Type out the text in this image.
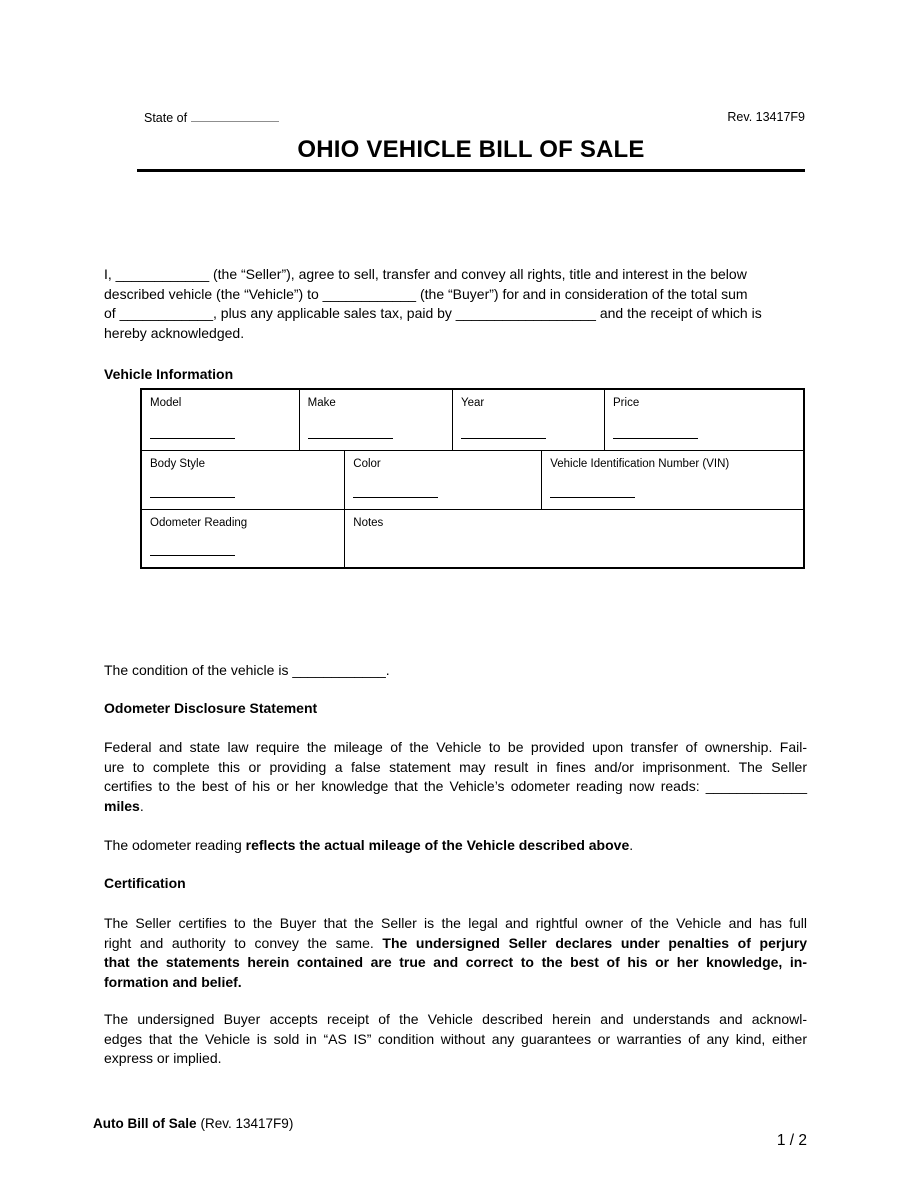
State of	Rev. 13417F9
OHIO VEHICLE BILL OF SALE
I, ____________ (the “Seller”), agree to sell, transfer and convey all rights, title and interest in the below
described vehicle (the “Vehicle”) to ____________ (the “Buyer”) for and in consideration of the total sum
of ____________, plus any applicable sales tax, paid by __________________ and the receipt of which is
hereby acknowledged.
Vehicle Information
Model	Make	Year	Price
Body Style	Color	Vehicle Identification Number (VIN)
Odometer Reading	Notes
The condition of the vehicle is ____________.
Odometer Disclosure Statement
Federal and state law require the mileage of the Vehicle to be provided upon transfer of ownership. Fail-
ure to complete this or providing a false statement may result in fines and/or imprisonment. The Seller
certifies to the best of his or her knowledge that the Vehicle’s odometer reading now reads: _____________
miles.
The odometer reading reflects the actual mileage of the Vehicle described above.
Certification
The Seller certifies to the Buyer that the Seller is the legal and rightful owner of the Vehicle and has full
right and authority to convey the same. The undersigned Seller declares under penalties of perjury
that the statements herein contained are true and correct to the best of his or her knowledge, in-
formation and belief.
The undersigned Buyer accepts receipt of the Vehicle described herein and understands and acknowl-
edges that the Vehicle is sold in “AS IS” condition without any guarantees or warranties of any kind, either
express or implied.
Auto Bill of Sale (Rev. 13417F9)
1 / 2
